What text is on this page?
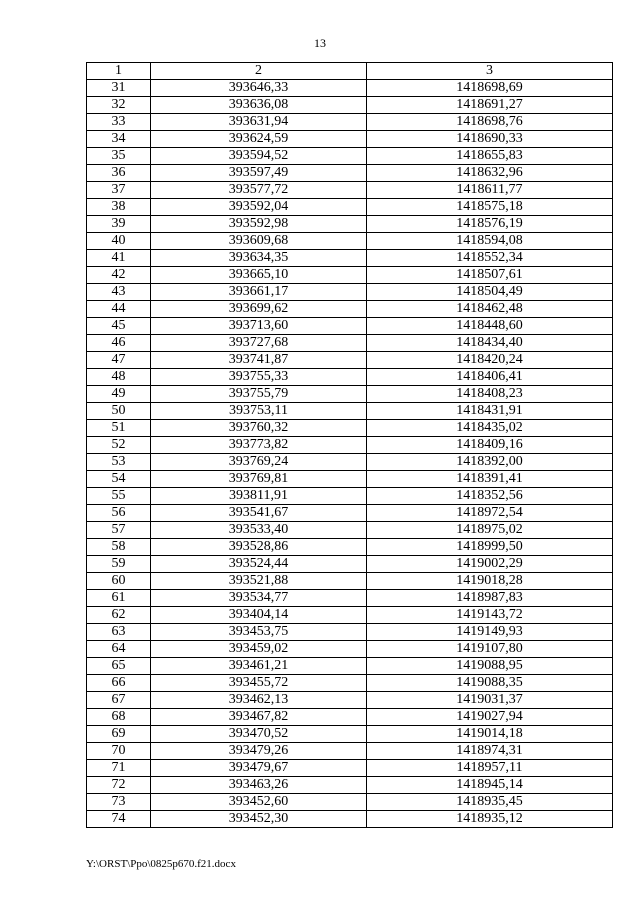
13
1	2	3
31	393646,33	1418698,69
32	393636,08	1418691,27
33	393631,94	1418698,76
34	393624,59	1418690,33
35	393594,52	1418655,83
36	393597,49	1418632,96
37	393577,72	1418611,77
38	393592,04	1418575,18
39	393592,98	1418576,19
40	393609,68	1418594,08
41	393634,35	1418552,34
42	393665,10	1418507,61
43	393661,17	1418504,49
44	393699,62	1418462,48
45	393713,60	1418448,60
46	393727,68	1418434,40
47	393741,87	1418420,24
48	393755,33	1418406,41
49	393755,79	1418408,23
50	393753,11	1418431,91
51	393760,32	1418435,02
52	393773,82	1418409,16
53	393769,24	1418392,00
54	393769,81	1418391,41
55	393811,91	1418352,56
56	393541,67	1418972,54
57	393533,40	1418975,02
58	393528,86	1418999,50
59	393524,44	1419002,29
60	393521,88	1419018,28
61	393534,77	1418987,83
62	393404,14	1419143,72
63	393453,75	1419149,93
64	393459,02	1419107,80
65	393461,21	1419088,95
66	393455,72	1419088,35
67	393462,13	1419031,37
68	393467,82	1419027,94
69	393470,52	1419014,18
70	393479,26	1418974,31
71	393479,67	1418957,11
72	393463,26	1418945,14
73	393452,60	1418935,45
74	393452,30	1418935,12
Y:\ORST\Ppo\0825p670.f21.docx
